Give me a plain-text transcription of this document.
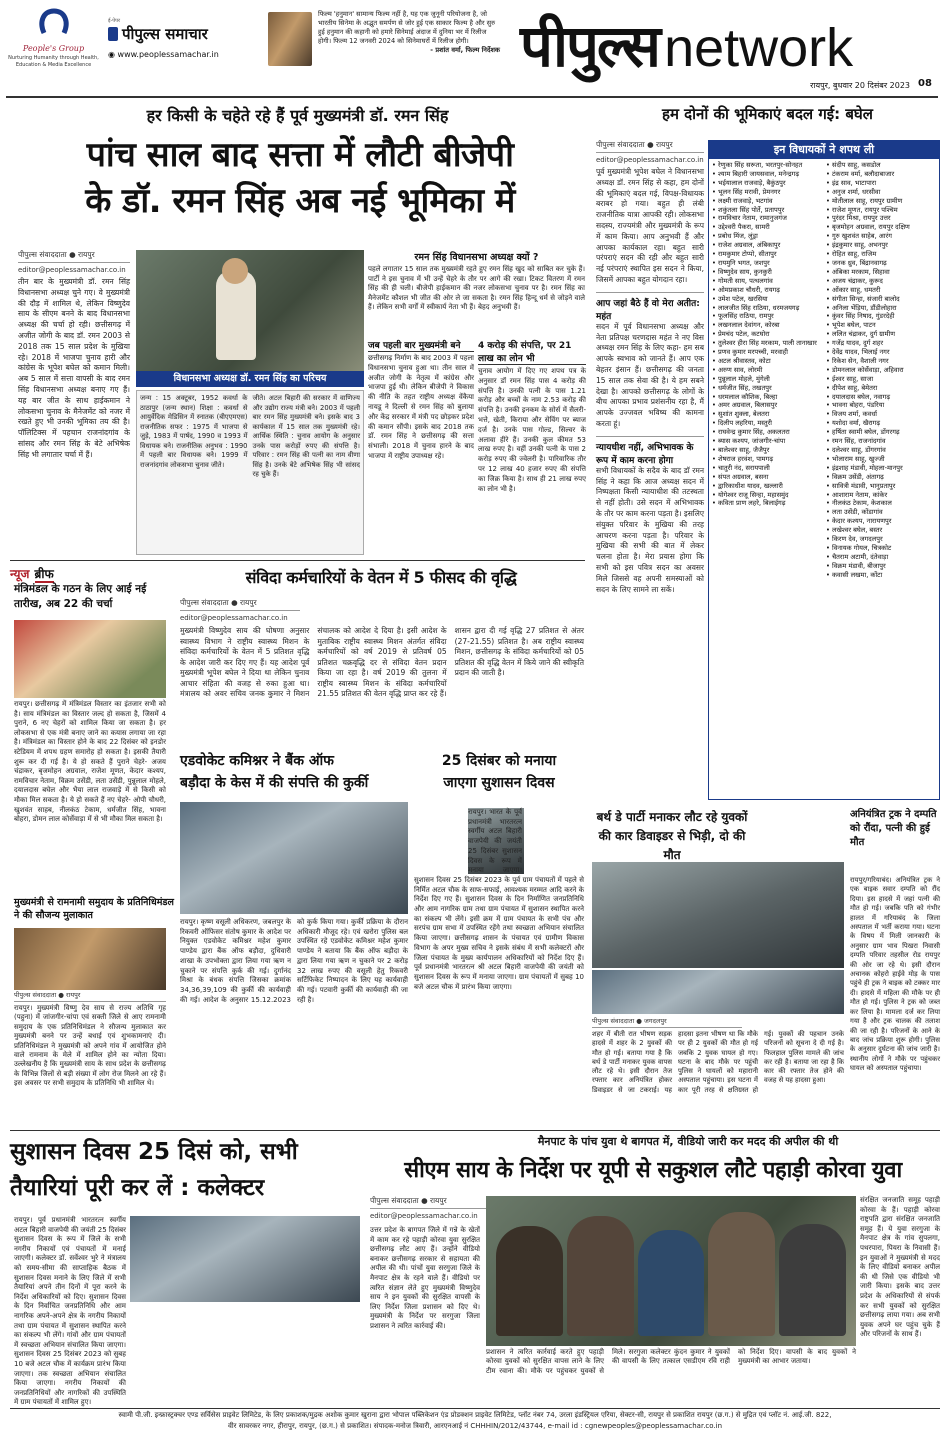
People's Group
Nurturing Humanity through Health, Education & Media Excellence
ई-पेपर
पीपुल्स समाचार
◉ www.peoplessamachar.in
फिल्म 'हनुमान' सामान्य फिल्म नहीं है, यह एक जुनूनी परियोजना है, जो भारतीय सिनेमा के अद्भुत समर्पण से जोर हुई एक साकार फिल्म है और सुरु हुई हनुमान की कहानी को हमारे सिनेमाई अंदाज में दुनिया भर में रिलीज होगी। फिल्म 12 जनवरी 2024 को सिनेमाघरों में रिलीज होगी।
- प्रशांत वर्मा, फिल्म निर्देशक पीपुल्स network
रायपुर, बुधवार 20 दिसंबर 2023 08
हर किसी के चहेते रहे हैं पूर्व मुख्यमंत्री डॉ. रमन सिंह
पांच साल बाद सत्ता में लौटी बीजेपी
के डॉ. रमन सिंह अब नई भूमिका में
पीपुल्स संवाददाता ● रायपुर
editor@peoplessamachar.co.in
तीन बार के मुख्यमंत्री डॉ. रमन सिंह विधानसभा अध्यक्ष चुने गए। वे मुख्यमंत्री की दौड़ में शामिल थे, लेकिन विष्णुदेव साय के सीएम बनने के बाद विधानसभा अध्यक्ष की चर्चा हो रही। छत्तीसगढ़ में अजीत जोगी के बाद डॉ. रमन 2003 से 2018 तक 15 साल प्रदेश के मुखिया रहे। 2018 में भाजपा चुनाव हारी और कांग्रेस के भूपेश बघेल को कमान मिली। अब 5 साल में सत्ता वापसी के बाद रमन सिंह विधानसभा अध्यक्ष बनाए गए हैं। यह बार जीत के साथ हाईकमान ने लोकसभा चुनाव के मैनेजमेंट को नजर में रखते हुए भी उनकी भूमिका तय की है। पॉलिटिक्स में पहचान राजनांदगांव के सांसद और रमन सिंह के बेटे अभिषेक सिंह भी लगातार चर्चा में हैं।
विधानसभा अध्यक्ष डॉ. रमन सिंह का परिचय
जन्म : 15 अक्टूबर, 1952 कवर्धा के ठाठापुर (जन्म स्थान) शिक्षा : कवर्धा से आयुर्वेदिक मेडिसिन में स्नातक (बीएएमएस) राजनीतिक सफर : 1975 में भाजपा से जुड़े, 1983 में पार्षद, 1990 व 1993 में विधायक बने। राजनीतिक अनुभव : 1990 में पहली बार विधायक बने। 1999 में राजनांदगांव लोकसभा चुनाव जीते।
जीते। अटल बिहारी की सरकार में वाणिज्य और उद्योग राज्य मंत्री बने। 2003 में पहली बार रमन सिंह मुख्यमंत्री बने। इसके बाद 3 कार्यकाल में 15 साल तक मुख्यमंत्री रहे। आर्थिक स्थिति : चुनाव आयोग के अनुसार उनके पास करोड़ों रुपए की संपत्ति है। परिवार : रमन सिंह की पत्नी का नाम वीणा सिंह है। उनके बेटे अभिषेक सिंह भी सांसद रह चुके हैं।
रमन सिंह विधानसभा अध्यक्ष क्यों ?
पहले लगातार 15 साल तक मुख्यमंत्री रहते हुए रमन सिंह खुद को साबित कर चुके हैं। पार्टी ने इस चुनाव में भी उन्हें चेहरे के तौर पर आगे की रखा। टिकट वितरण में रमन सिंह की ही चली। बीजेपी हाईकमान की नजर लोकसभा चुनाव पर है। रमन सिंह का मैनेजमेंट कौशल भी जीत की ओर ले जा सकता है। रमन सिंह हिन्दू धर्म से जोड़ने वाले हैं। लेकिन सभी वर्गों में स्वीकार्य नेता भी हैं। बेहद अनुभवी हैं।
जब पहली बार मुख्यमंत्री बने
छत्तीसगढ़ निर्माण के बाद 2003 में पहला विधानसभा चुनाव हुआ था। तीन साल में अजीत जोगी के नेतृत्व में कांग्रेस और भाजपा हुई थी। लेकिन बीजेपी ने विकास की नीति के तहत राष्ट्रीय अध्यक्ष वेंकैया नायडू ने दिल्ली से रमन सिंह को बुलाया और केंद्र सरकार में मंत्री पद छोड़कर प्रदेश की कमान सौंपी। इसके बाद 2018 तक डॉ. रमन सिंह ने छत्तीसगढ़ की सत्ता संभाली। 2018 में चुनाव हारने के बाद भाजपा में राष्ट्रीय उपाध्यक्ष रहे।
4 करोड़ की संपत्ति, पर 21 लाख का लोन भी
चुनाव आयोग में दिए गए शपथ पत्र के अनुसार डॉ रमन सिंह पास 4 करोड़ की संपत्ति है। उनकी पत्नी के पास 1.21 करोड़ और बच्चों के नाम 2.53 करोड़ की संपत्ति है। उनकी इनकम के सोर्स में सैलरी-भत्ते, खेती, किराया और सेविंग पर ब्याज दर्ज है। उनके पास गोल्ड, सिल्वर के अलावा हीरे हैं। उनकी कुल कीमत 53 लाख रुपए है। वहीं उनकी पत्नी के पास 2 करोड़ रुपए की ज्वेलरी है। पारिवारिक तौर पर 12 लाख 40 हजार रुपए की संपत्ति का जिक्र किया है। साथ ही 21 लाख रुपए का लोन भी है।
हम दोनों की भूमिकाएं बदल गई: बघेल
पीपुल्स संवाददाता ● रायपुर
editor@peoplessamachar.co.in
पूर्व मुख्यमंत्री भूपेश बघेल ने विधानसभा अध्यक्ष डॉ. रमन सिंह से कहा, हम दोनों की भूमिकाएं बदल गई, विपक्ष-विधायक बराबर हो गया। बहुत ही लंबी राजनीतिक यात्रा आपकी रही। लोकसभा सदस्य, राज्यमंत्री और मुख्यमंत्री के रूप में काम किया। आप अनुभवी हैं और आपका कार्यकाल रहा। बहुत सारी परंपराएं सदन की रही और बहुत सारी नई परंपराएं स्थापित इस सदन ने किया, जिसमें आपका बहुत योगदान रहा।
आप जहां बैठे हैं वो मेरा अतीत: महंत
सदन में पूर्व विधानसभा अध्यक्ष और नेता प्रतिपक्ष चरणदास महंत ने नए विस अध्यक्ष रमन सिंह के लिए कहा- हम सब आपके स्वभाव को जानते हैं। आप एक बेहतर इंसान हैं। छत्तीसगढ़ की जनता 15 साल तक सेवा की है। ये हम सबने देखा है। आपको छत्तीसगढ़ के लोगों के बीच आपका प्रभाव प्रशंसनीय रहा है, मैं आपके उज्जवल भविष्य की कामना करता हूं।
न्यायधीश नहीं, अभिभावक के रूप में काम करना होगा
सभी विधायकों के सदैव के बाद डॉ रमन सिंह ने कहा कि आज अध्यक्ष सदन में निष्पक्षता किसी न्यायाधीश की तटस्थता से नहीं होती। उसे सदन में अभिभावक के तौर पर काम करना पड़ता है। इसलिए संयुक्त परिवार के मुखिया की तरह आचरण करना पड़ता है। परिवार के मुखिया की सभी की बात में लेकर चलना होता है। मेरा प्रयास होगा कि सभी को इस पवित्र सदन का अवसर मिले जिससे वह अपनी समस्याओं को सदन के लिए सामने ला सकें।
इन विधायकों ने शपथ ली
• रेणुका सिंह सरूता, भरतपुर-सोनहत
• श्याम बिहारी जायसवाल, मनेन्द्रगढ़
• भईयालाल राजवाड़े, बैकुंठपुर
• भूलन सिंह मरावी, प्रेमनगर
• लक्ष्मी राजवाड़े, भटगांव
• शकुंतला सिंह पोर्ते, प्रतापपुर
• रामविचार नेताम, रामानुजगंज
• उद्देश्वरी पैकरा, सामरी
• प्रबोध मिंज, लुंड्रा
• राजेश अग्रवाल, अंबिकापुर
• रामकुमार टोप्पो, सीतापुर
• रायमुनि भगत, जशपुर
• विष्णुदेव साय, कुनकुरी
• गोमती साय, पत्थलगांव
• ओमप्रकाश चौधरी, रायगढ़
• उमेश पटेल, खरसिया
• लालजीत सिंह राठिया, धरमजयगढ़
• फूलसिंह राठिया, रामपुर
• लखनलाल देवांगन, कोरबा
• प्रेमचंद पटेल, कटघोरा
• तुलेश्वर हीरा सिंह मरकाम, पाली तानाखार
• प्रणव कुमार मरपच्ची, मरवाही
• अटल श्रीवास्तव, कोटा
• अरुण साव, लोरमी
• पुन्नूलाल मोहले, मुंगेली
• धर्मजीत सिंह, तखतपुर
• धरमलाल कौशिक, बिल्हा
• अमर अग्रवाल, बिलासपुर
• सुशांत शुक्ला, बेलतरा
• दिलीप लहरिया, मस्तुरी
• राघवेन्द्र कुमार सिंह, अकलतरा
• ब्यास कश्यप, जांजगीर-चांपा
• बालेश्वर साहू, जैजैपुर
• शेषराज हरवंश, पामगढ़
• चातुरी नंद, सरायपाली
• संपत अग्रवाल, बसना
• द्वारिकाधीश यादव, खल्लारी
• योगेश्वर राजू सिन्हा, महासमुंद
• कविता प्राण लहरे, बिलाईगढ़
• संदीप साहू, कसडोल
• टंकराम वर्मा, बलौदाबाजार
• इंद्र साव, भाटापारा
• अनुज शर्मा, धरसीवा
• मोतीलाल साहू, रायपुर ग्रामीण
• राजेश मूणत, रायपुर पश्चिम
• पुरंदर मिश्रा, रायपुर उत्तर
• बृजमोहन अग्रवाल, रायपुर दक्षिण
• गुरु खुशवंत साहेब, आरंग
• इंद्रकुमार साहू, अभनपुर
• रोहित साहू, राजिम
• जनक ध्रुव, बिंद्रानवागढ़
• अंबिका मरकाम, सिहावा
• अजय चंद्राकर, कुरूद
• ओंकार साहू, धमतरी
• संगीता सिन्हा, संजारी बालोद
• अनिला भेंड़िया, डौंडीलोहारा
• कुंवर सिंह निषाद, गुंडरदेही
• भूपेश बघेल, पाटन
• ललित चंद्राकर, दुर्ग ग्रामीण
• गजेंद्र यादव, दुर्ग शहर
• देवेंद्र यादव, भिलाई नगर
• रिकेश सेन, वैशाली नगर
• डोमनलाल कोर्सेवाड़ा, अहिवारा
• ईश्वर साहू, साजा
• दीपेश साहू, बेमेतरा
• दयालदास बघेल, नवागढ़
• भावना बोहरा, पंडरिया
• विजय शर्मा, कवर्धा
• यशोदा वर्मा, खैरागढ़
• हर्षिता स्वामी बघेल, डोंगरगढ़
• रमन सिंह, राजनांदगांव
• दलेश्वर साहू, डोंगरगांव
• भोलाराम साहू, खुज्जी
• इंद्रशाह मंडावी, मोहला-मानपुर
• विक्रम उसेंडी, अंतागढ़
• सावित्री मंडावी, भानुप्रतापुर
• आशाराम नेताम, कांकेर
• नीलकंठ टेकाम, केशकाल
• लता उसेंडी, कोंडागांव
• केदार कश्यप, नारायणपुर
• लखेश्वर बघेल, बस्तर
• किरण देव, जगदलपुर
• विनायक गोयल, चित्रकोट
• चैतराम अटामी, दंतेवाड़ा
• विक्रम मंडावी, बीजापुर
• कवासी लखमा, कोंटा
न्यूज ब्रीफ
मंत्रिमंडल के गठन के लिए आई नई तारीख, अब 22 की चर्चा
रायपुर। छत्तीसगढ़ में मंत्रिमंडल विस्तार का इंतजार सभी को है। साय मंत्रिमंडल का विस्तार जल्द हो सकता है, जिसमें 4 पुराने, 6 नए चेहरों को शामिल किया जा सकता है। हर लोकसभा से एक मंत्री बनाए जाने का कयास लगाया जा रहा है। मंत्रिमंडल का विस्तार होने के बाद 22 दिसंबर को इनडोर स्टेडियम में शपथ ग्रहण समारोह हो सकता है। इसकी तैयारी शुरू कर दी गई है। ये हो सकते हैं पुराने चेहरे- अजय चंद्राकर, बृजमोहन अग्रवाल, राजेश मूणत, केदार कश्यप, रामविचार नेताम, विक्रम उसेंडी, लता उसेंडी, पुन्नूलाल मोहले, दयालदास बघेल और भैया लाल राजवाड़े में से किसी को मौका मिल सकता है। ये हो सकते हैं नए चेहरे- ओपी चौधरी, खुशवंत साहब, नीलकंठ टेकाम, धर्मजीत सिंह, भावना बोहरा, डोमन लाल कोर्सेवाड़ा में से भी मौका मिल सकता है।
मुख्यमंत्री से रामनामी समुदाय के प्रतिनिधिमंडल ने की सौजन्य मुलाकात
पीपुल्स संवाददाता ● रायपुर
रायपुर। मुख्यमंत्री विष्णु देव साय से राज्य अतिथि गृह (पहुना) में जांजगीर-चांपा एवं सक्ती जिले से आए रामनामी समुदाय के एक प्रतिनिधिमंडल ने सौजन्य मुलाकात कर मुख्यमंत्री बनने पर उन्हें बधाई एवं शुभकामनाएं दी। प्रतिनिधिमंडल ने मुख्यमंत्री को अपने गांव में आयोजित होने वाले रामनाम के मेले में शामिल होने का न्योता दिया। उल्लेखनीय है कि मुख्यमंत्री साय के साथ प्रदेश के छत्तीसगढ़ के विभिन्न जिलों से बड़ी संख्या में लोग रोज मिलने आ रहे हैं। इस अवसर पर सभी समुदाय के प्रतिनिधि भी शामिल थे।
संविदा कर्मचारियों के वेतन में 5 फीसद की वृद्धि
पीपुल्स संवाददाता ● रायपुर
editor@peoplessamachar.co.in
मुख्यमंत्री विष्णुदेव साय की घोषणा अनुसार स्वास्थ्य विभाग ने राष्ट्रीय स्वास्थ्य मिशन के संविदा कर्मचारियों के वेतन में 5 प्रतिशत वृद्धि के आदेश जारी कर दिए गए हैं। यह आदेश पूर्व मुख्यमंत्री भूपेश बघेल ने दिया था लेकिन चुनाव आचार संहिता की वजह से रुका हुआ था। मंत्रालय को अवर सचिव जनक कुमार ने मिशन संचालक को आदेश दे दिया है। इसी आदेश के मुताबिक राष्ट्रीय स्वास्थ्य मिशन अंतर्गत संविदा कर्मचारियों को वर्ष 2019 से प्रतिवर्ष 05 प्रतिशत चक्रवृद्धि दर से संविदा वेतन प्रदान किया जा रहा है। वर्ष 2019 की तुलना में राष्ट्रीय स्वास्थ्य मिशन के संविदा कर्मचारियों 21.55 प्रतिशत की वेतन वृद्धि प्राप्त कर रहे हैं। शासन द्वारा दी गई वृद्धि 27 प्रतिशत से अंतर (27-21.55) प्रतिशत है। अब राष्ट्रीय स्वास्थ्य मिशन, छत्तीसगढ़ के संविदा कर्मचारियों को 05 प्रतिशत की वृद्धि वेतन में किये जाने की स्वीकृति प्रदान की जाती है।
एडवोकेट कमिश्नर ने बैंक ऑफ
बड़ौदा के केस में की संपत्ति की कुर्की
रायपुर। कृष्ण वसूली अधिकरण, जबलपुर के रिकवरी ऑफिसर संतोष कुमार के आदेश पर नियुक्त एडवोकेट कमिश्नर महेश कुमार पाण्डेय द्वारा बैंक ऑफ बड़ौदा, दुधिवारी शाखा के उपभोक्ता द्वारा लिया गया ऋण न चुकाने पर संपत्ति कुर्क की गई। दुर्गानंद मिश्रा के बंधक संपत्ति जिसका क्रमांक 34,36,39,109 की कुर्की की कार्यवाही की गई। आदेश के अनुसार 15.12.2023 को कुर्क किया गया। कुर्की प्रक्रिया के दौरान अधिकारी मौजूद रहे। एवं खरोरा पुलिस बल उपस्थित रहे एडवोकेट कमिश्नर महेश कुमार पाण्डेय ने बताया कि बैंक ऑफ बड़ौदा के द्वारा लिया गया ऋण न चुकाने पर 2 करोड़ 32 लाख रुपए की वसूली हेतु रिकवरी सर्टिफिकेट निष्पादन के लिए यह कार्यवाही की गई। पटवारी कुर्की की कार्यवाही की जा रही है।
25 दिसंबर को मनाया
जाएगा सुशासन दिवस
रायपुर। भारत के पूर्व प्रधानमंत्री भारतरत्न स्वर्गीय अटल बिहारी वाजपेयी की जयंती 25 दिसंबर सुशासन दिवस के रूप में मनाया जाएगा। सुशासन दिवस 25 दिसंबर 2023 के पूर्व ग्राम पंचायतों में पहले से निर्मित अटल चौक के साफ-सफाई, आवश्यक मरम्मत आदि करने के निर्देश दिए गए हैं। सुशासन दिवस के दिन निर्माणित जनप्रतिनिधि और आम नागरिक ग्राम तथा ग्राम पंचायत में सुशासन स्थापित करने का संकल्प भी लेंगे। इसी क्रम में ग्राम पंचायत के सभी पंच और सरपंच ग्राम सभा में उपस्थित रहेंगे तथा स्वच्छता अभियान संचालित किया जाएगा। छत्तीसगढ़ शासन के पंचायत एवं ग्रामीण विकास विभाग के अपर मुख्य सचिव ने इसके संबंध में सभी कलेक्टरों और जिला पंचायत के मुख्य कार्यपालन अधिकारियों को निर्देश दिए हैं। पूर्व प्रधानमंत्री भारतरत्न श्री अटल बिहारी वाजपेयी की जयंती को सुशासन दिवस के रूप में मनाया जाएगा। ग्राम पंचायतों में सुबह 10 बजे अटल चौक में प्रारंभ किया जाएगा।
बर्थ डे पार्टी मनाकर लौट रहे युवकों
की कार डिवाइडर से भिड़ी, दो की मौत
पीपुल्स संवाददाता ● जगदलपुर
शहर में बीती रात भीषण सड़क हादसे में शहर के 2 युवकों की मौत हो गई। बताया गया है कि बर्थ डे पार्टी मनाकर युवक वापस लौट रहे थे। इसी दौरान तेज रफ्तार कार अनियंत्रित होकर डिवाइडर से जा टकराई। यह हादसा इतना भीषण था कि मौके पर ही 2 युवकों की मौत हो गई जबकि 2 युवक घायल हो गए। घटना के बाद मौके पर पहुंची पुलिस ने घायलों को महारानी अस्पताल पहुंचाया। इस घटना में कार पूरी तरह से क्षतिग्रस्त हो गई। युवकों की पहचान उनके परिजनों को सूचना दे दी गई है। फिलहाल पुलिस मामले की जांच कर रही है। बताया जा रहा है कि कार की रफ्तार तेज होने की वजह से यह हादसा हुआ।
अनियंत्रित ट्रक ने दम्पति को रौंदा, पत्नी की हुई मौत
रायपुर/गरियाबंद। अनियंत्रित ट्रक ने एक बाइक सवार दम्पति को रौंद दिया। इस हादसे में जहां पत्नी की मौत हो गई। जबकि पति को गंभीर हालत में गरियाबंद के जिला अस्पताल में भर्ती कराया गया। घटना के विषय में मिली जानकारी के अनुसार ग्राम भाव पिखरा निवासी दम्पति परिवार तहसील रोड रायपुर की ओर जा रहे थे। इसी दौरान अचानक कोहरो हाईवे मोड़ के पास पहुंचे ही ट्रक ने बाइक को टक्कर मार दी। हादसे में महिला की मौके पर ही मौत हो गई। पुलिस ने ट्रक को जब्त कर लिया है। मामला दर्ज कर लिया गया है और ट्रक चालक की तलाश की जा रही है। परिजनों के आने के बाद जांच प्रक्रिया शुरू होगी। पुलिस के अनुसार दुर्घटना की जांच जारी है। स्थानीय लोगों ने मौके पर पहुंचकर घायल को अस्पताल पहुंचाया।
सुशासन दिवस 25 दिसं को, सभी
तैयारियां पूरी कर लें : कलेक्टर
रायपुर। पूर्व प्रधानमंत्री भारतरत्न स्वर्गीय अटल बिहारी वाजपेयी की जयंती 25 दिसंबर सुशासन दिवस के रूप में जिले के सभी नगरीय निकायों एवं पंचायतों में मनाई जाएगी। कलेक्टर डॉ. सर्वेश्वर भुरे ने मंत्रालय को समय-सीमा की साप्ताहिक बैठक में सुशासन दिवस मनाने के लिए जिले में सभी तैयारियां अपने तीन दिनों में पूरा करने के निर्देश अधिकारियों को दिए। सुशासन दिवस के दिन निर्वाचित जनप्रतिनिधि और आम नागरिक अपने-अपने क्षेत्र के नगरीय निकायों तथा ग्राम पंचायत में सुशासन स्थापित करने का संकल्प भी लेंगे। गांवों और ग्राम पंचायतों में स्वच्छता अभियान संचालित किया जाएगा। सुशासन दिवस 25 दिसंबर 2023 को सुबह 10 बजे अटल चौक में कार्यक्रम प्रारंभ किया जाएगा। तक स्वच्छता अभियान संचालित किया जाएगा। नगरीय निकायों की जनप्रतिनिधियों और नागरिकों की उपस्थिति में ग्राम पंचायतों में शामिल हुए।
पीपुल्स संवाददाता ● रायपुर
editor@peoplessamachar.co.in
मैनपाट के पांच युवा थे बागपत में, वीडियो जारी कर मदद की अपील की थी
सीएम साय के निर्देश पर यूपी से सकुशल लौटे पहाड़ी कोरवा युवा
उत्तर प्रदेश के बागपत जिले में गन्ने के खेतों में काम कर रहे पहाड़ी कोरवा युवा सुरक्षित छत्तीसगढ़ लौट आए हैं। उन्होंने वीडियो बनाकर छत्तीसगढ़ सरकार से सहायता की अपील की थी। पांचों युवा सरगुजा जिले के मैनपाट क्षेत्र के रहने वाले हैं। वीडियो पर त्वरित संज्ञान लेते हुए मुख्यमंत्री विष्णुदेव साय ने इन युवकों की सुरक्षित वापसी के लिए निर्देश जिला प्रशासन को दिए थे। मुख्यमंत्री के निर्देश पर सरगुजा जिला प्रशासन ने त्वरित कार्रवाई की।
प्रशासन ने त्वरित कार्रवाई करते हुए पहाड़ी कोरवा युवकों को सुरक्षित वापस लाने के लिए टीम रवाना की। मौके पर पहुंचकर युवकों से मिले। सरगुजा कलेक्टर कुंदन कुमार ने युवकों की वापसी के लिए तत्काल एसडीएम रवि राही को निर्देश दिए। वापसी के बाद युवकों ने मुख्यमंत्री का आभार जताया।
संरक्षित जनजाति समूह पहाड़ी कोरवा के हैं। पहाड़ी कोरवा राष्ट्रपति द्वारा संरक्षित जनजाति समूह हैं। ये युवा सरगुजा के मैनपाट क्षेत्र के गांव सुपलगा, पथरपारा, पियरा के निवासी हैं। इन युवाओं ने मुख्यमंत्री से मदद के लिए वीडियो बनाकर अपील की थी जिसे एक वीडियो भी जारी किया। इसके बाद उत्तर प्रदेश के अधिकारियों से संपर्क कर सभी युवकों को सुरक्षित छत्तीसगढ़ लाया गया। अब सभी युवक अपने घर पहुंच चुके हैं और परिजनों के साथ हैं।
स्वामी पी.जी. इन्फ्रास्ट्रक्चर एण्ड सर्विसेस प्राइवेट लिमिटेड, के लिए प्रकाशक/मुद्रक अशोक कुमार खुराना द्वारा भोपाल पब्लिकेशन एंड प्रोडक्शन प्राइवेट लिमिटेड, प्लॉट नंबर 74, उरला इंडस्ट्रियल एरिया, सेक्टर-सी, रायपुर से प्रकाशित रायपुर (छ.ग.) से मुद्रित एवं प्लॉट नं. आई.जी. 822,
वीर सावरकर नगर, हीरापुर, रायपुर, (छ.ग.) से प्रकाशित। संपादक-मनोज त्रिवारी, आरएनआई नं CHHHIN/2012/43744, e-mail id : cgnewpeoples@peoplessamachar.co.in
